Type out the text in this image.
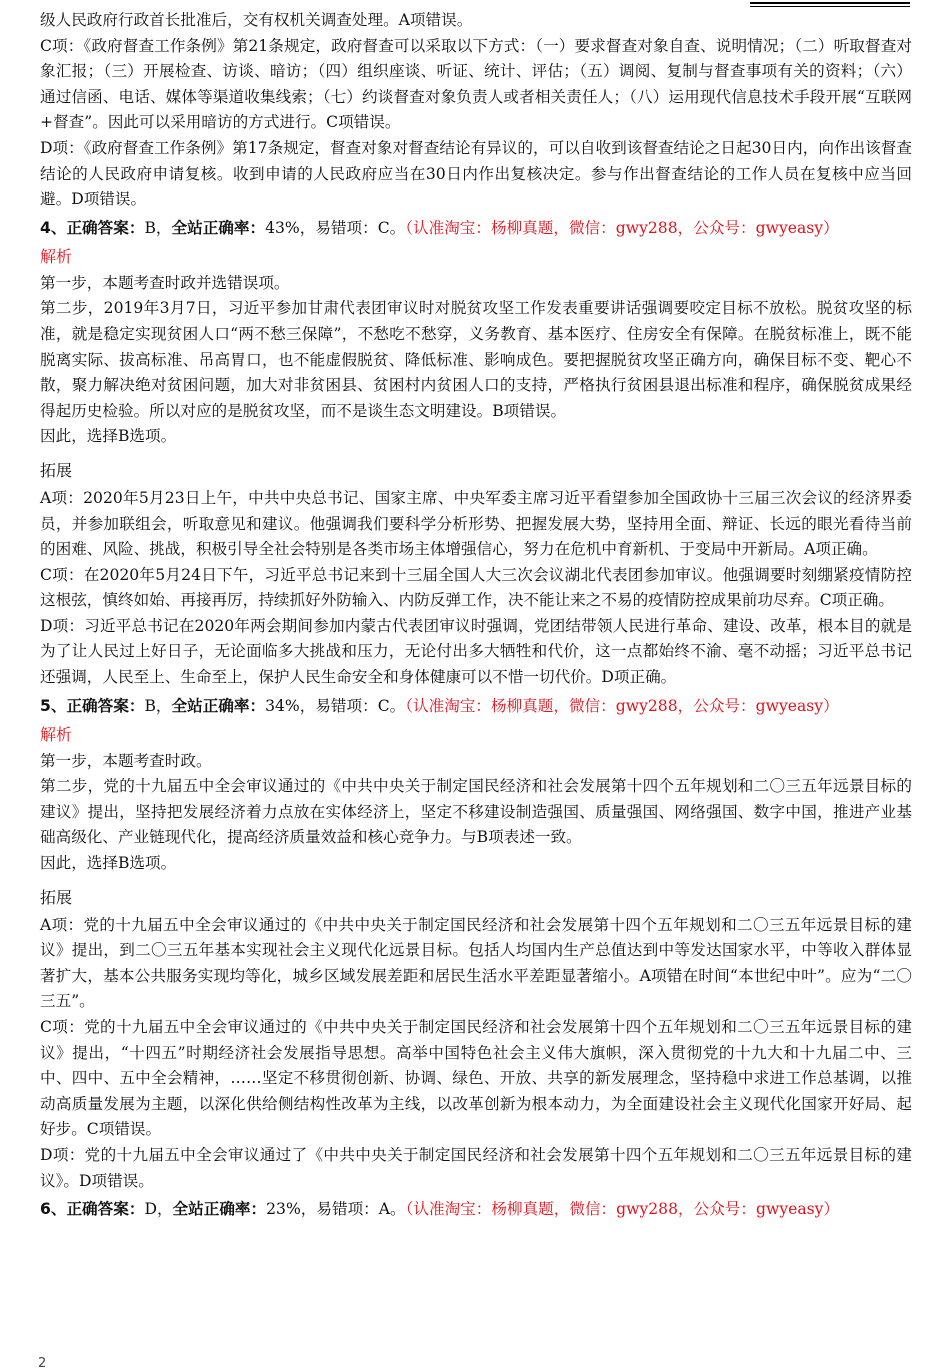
级人民政府行政首长批准后，交有权机关调查处理。A项错误。

C项：《政府督查工作条例》第21条规定，政府督查可以采取以下方式：（一）要求督查对象自查、说明情况；（二）听取督查对象汇报；（三）开展检查、访谈、暗访；（四）组织座谈、听证、统计、评估；（五）调阅、复制与督查事项有关的资料；（六）通过信函、电话、媒体等渠道收集线索；（七）约谈督查对象负责人或者相关责任人；（八）运用现代信息技术手段开展“互联网+督查”。因此可以采用暗访的方式进行。C项错误。

D项：《政府督查工作条例》第17条规定，督查对象对督查结论有异议的，可以自收到该督查结论之日起30日内，向作出该督查结论的人民政府申请复核。收到申请的人民政府应当在30日内作出复核决定。参与作出督查结论的工作人员在复核中应当回避。D项错误。

4、正确答案：B，全站正确率：43%，易错项：C。（认准淘宝：杨柳真题，微信：gwy288，公众号：gwyeasy）

解析

第一步，本题考查时政并选错误项。

第二步，2019年3月7日，习近平参加甘肃代表团审议时对脱贫攻坚工作发表重要讲话强调要咬定目标不放松。脱贫攻坚的标准，就是稳定实现贫困人口“两不愁三保障”，不愁吃不愁穿，义务教育、基本医疗、住房安全有保障。在脱贫标准上，既不能脱离实际、拔高标准、吊高胃口，也不能虚假脱贫、降低标准、影响成色。要把握脱贫攻坚正确方向，确保目标不变、靶心不散，聚力解决绝对贫困问题，加大对非贫困县、贫困村内贫困人口的支持，严格执行贫困县退出标准和程序，确保脱贫成果经得起历史检验。所以对应的是脱贫攻坚，而不是谈生态文明建设。B项错误。

因此，选择B选项。

拓展

A项：2020年5月23日上午，中共中央总书记、国家主席、中央军委主席习近平看望参加全国政协十三届三次会议的经济界委员，并参加联组会，听取意见和建议。他强调我们要科学分析形势、把握发展大势，坚持用全面、辩证、长远的眼光看待当前的困难、风险、挑战，积极引导全社会特别是各类市场主体增强信心，努力在危机中育新机、于变局中开新局。A项正确。

C项：在2020年5月24日下午，习近平总书记来到十三届全国人大三次会议湖北代表团参加审议。他强调要时刻绷紧疫情防控这根弦，慎终如始、再接再厉，持续抓好外防输入、内防反弹工作，决不能让来之不易的疫情防控成果前功尽弃。C项正确。

D项：习近平总书记在2020年两会期间参加内蒙古代表团审议时强调，党团结带领人民进行革命、建设、改革，根本目的就是为了让人民过上好日子，无论面临多大挑战和压力，无论付出多大牺牲和代价，这一点都始终不渝、毫不动摇；习近平总书记还强调，人民至上、生命至上，保护人民生命安全和身体健康可以不惜一切代价。D项正确。

5、正确答案：B，全站正确率：34%，易错项：C。（认准淘宝：杨柳真题，微信：gwy288，公众号：gwyeasy）

解析

第一步，本题考查时政。

第二步，党的十九届五中全会审议通过的《中共中央关于制定国民经济和社会发展第十四个五年规划和二〇三五年远景目标的建议》提出，坚持把发展经济着力点放在实体经济上，坚定不移建设制造强国、质量强国、网络强国、数字中国，推进产业基础高级化、产业链现代化，提高经济质量效益和核心竞争力。与B项表述一致。

因此，选择B选项。

拓展

A项：党的十九届五中全会审议通过的《中共中央关于制定国民经济和社会发展第十四个五年规划和二〇三五年远景目标的建议》提出，到二〇三五年基本实现社会主义现代化远景目标。包括人均国内生产总值达到中等发达国家水平，中等收入群体显著扩大，基本公共服务实现均等化，城乡区域发展差距和居民生活水平差距显著缩小。A项错在时间“本世纪中叶”。应为“二〇三五”。

C项：党的十九届五中全会审议通过的《中共中央关于制定国民经济和社会发展第十四个五年规划和二〇三五年远景目标的建议》提出，“十四五”时期经济社会发展指导思想。高举中国特色社会主义伟大旗帜，深入贯彻党的十九大和十九届二中、三中、四中、五中全会精神，……坚定不移贯彻创新、协调、绿色、开放、共享的新发展理念，坚持稳中求进工作总基调，以推动高质量发展为主题，以深化供给侧结构性改革为主线，以改革创新为根本动力，为全面建设社会主义现代化国家开好局、起好步。C项错误。

D项：党的十九届五中全会审议通过了《中共中央关于制定国民经济和社会发展第十四个五年规划和二〇三五年远景目标的建议》。D项错误。

6、正确答案：D，全站正确率：23%，易错项：A。（认准淘宝：杨柳真题，微信：gwy288，公众号：gwyeasy）

2
